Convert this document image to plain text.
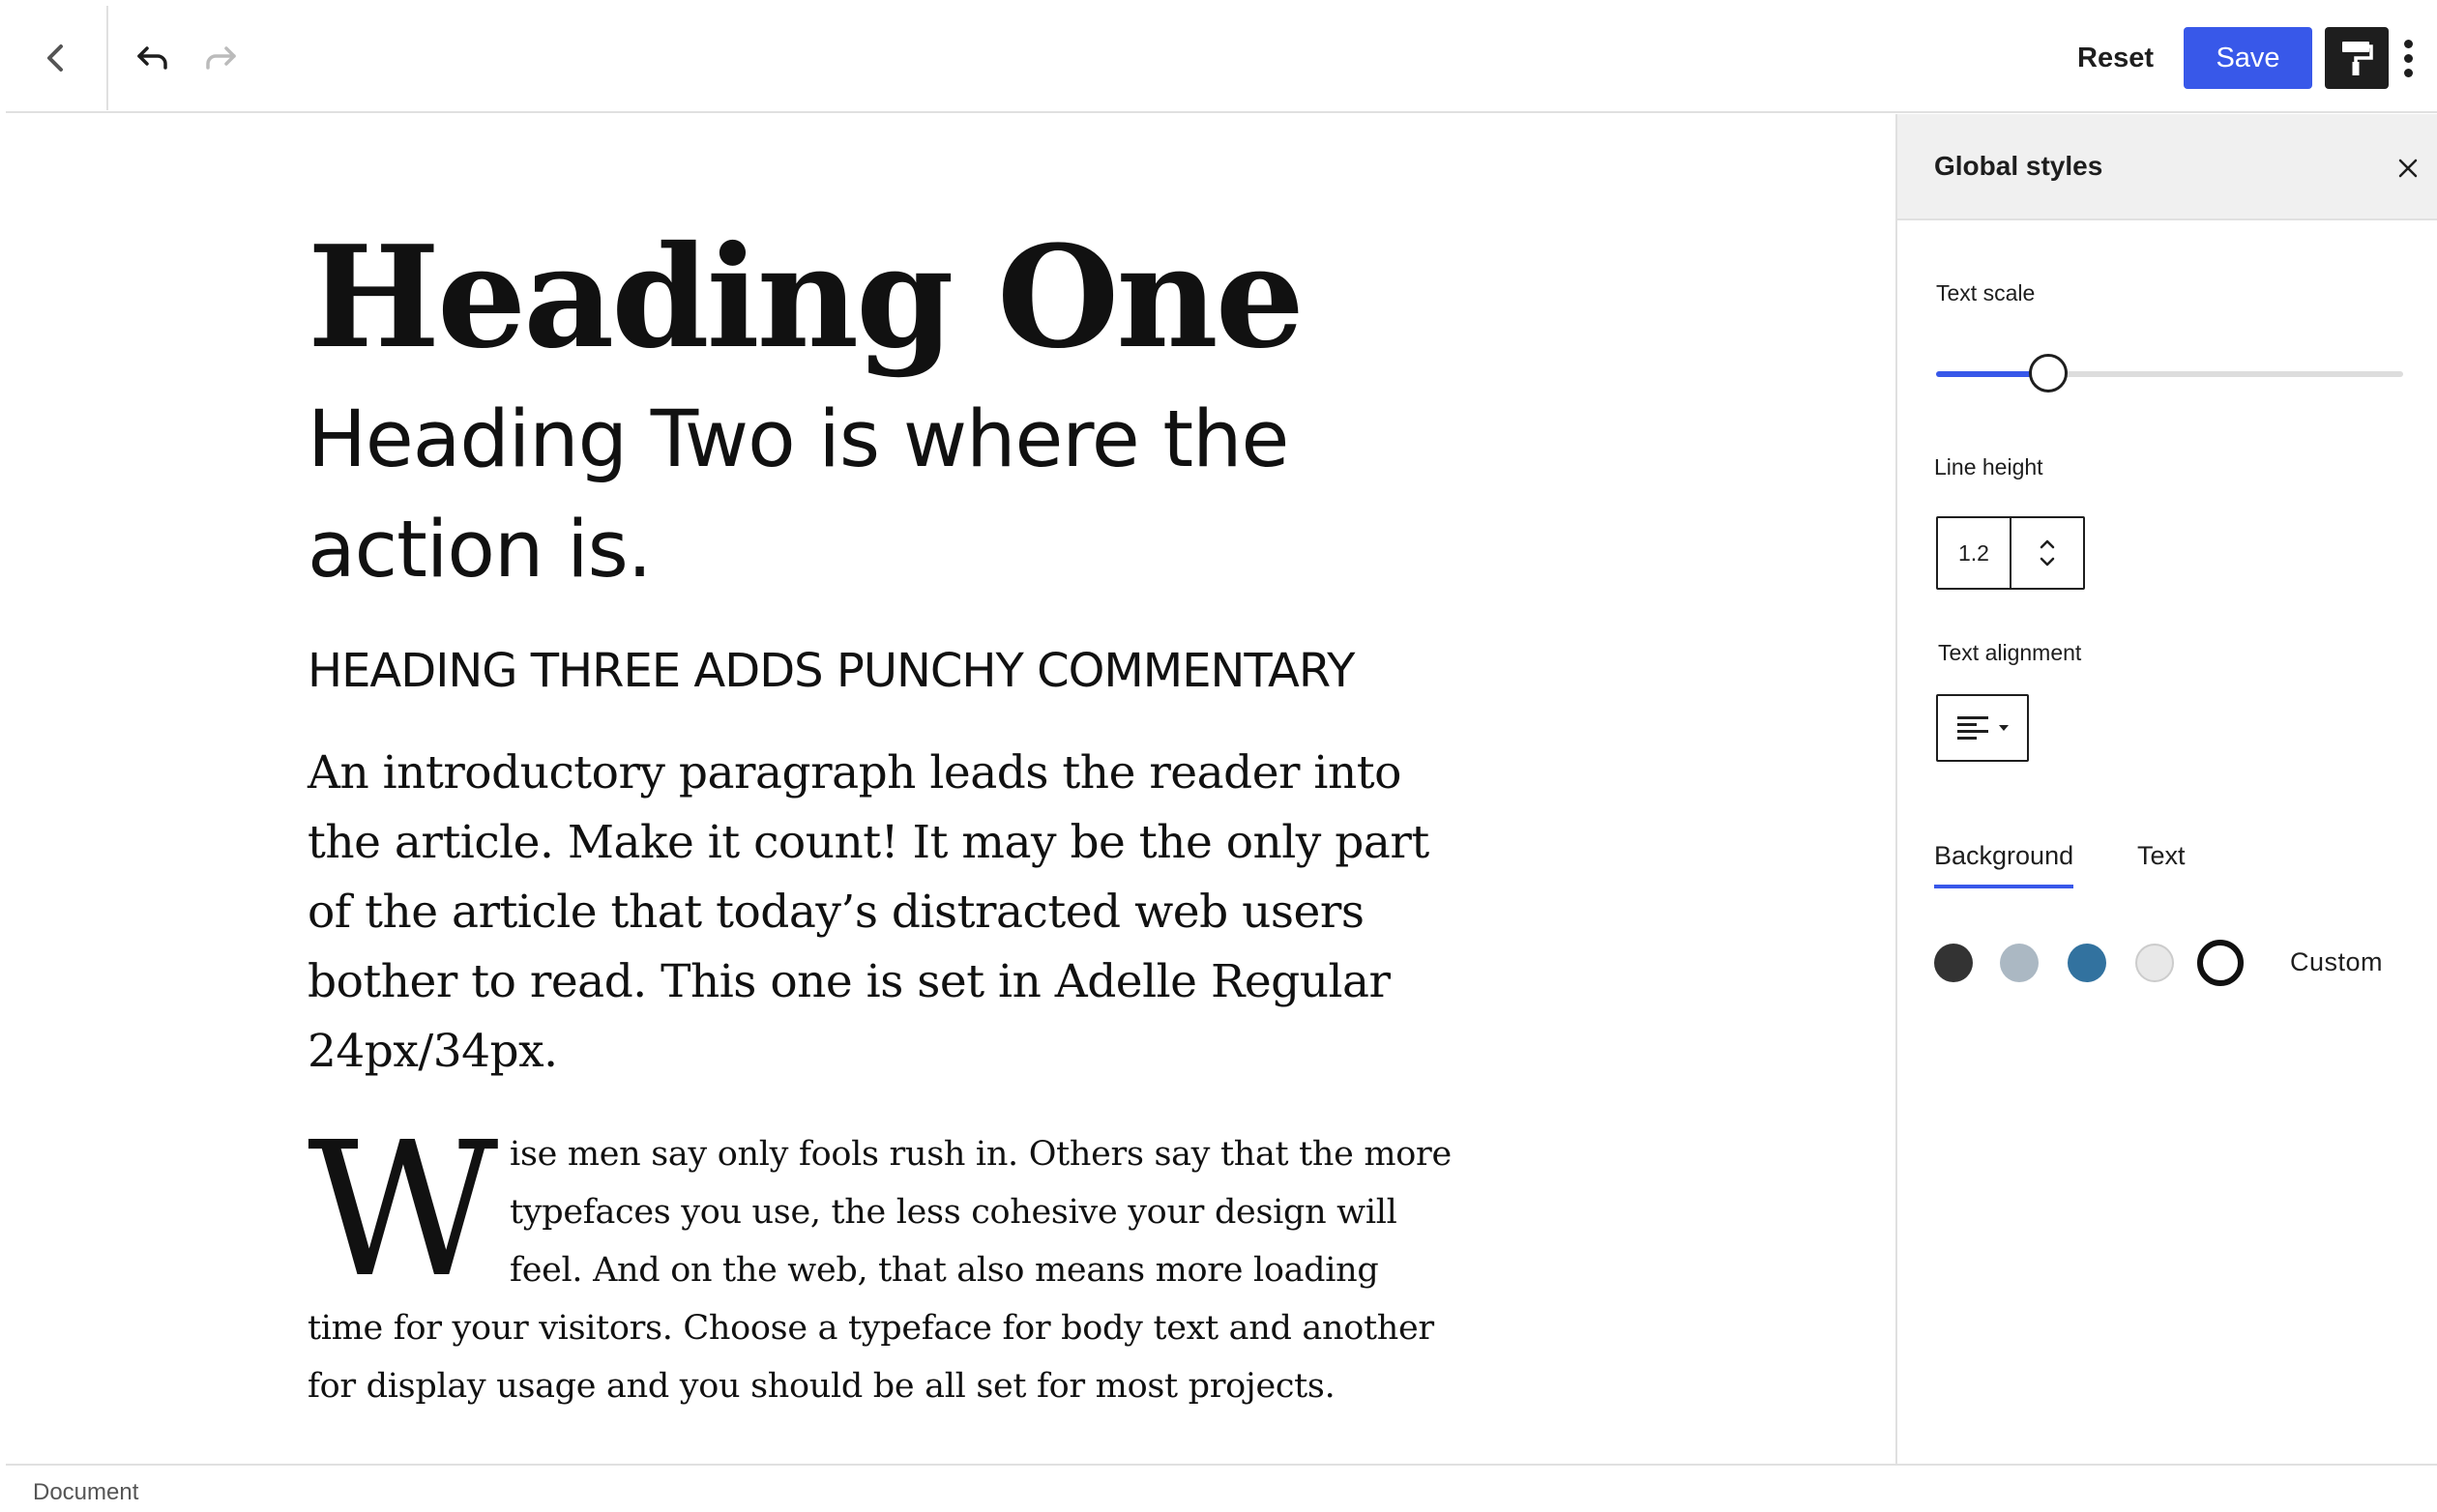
Reset	Save
Heading One
Heading Two is where the action is.
HEADING THREE ADDS PUNCHY COMMENTARY
An introductory paragraph leads the reader into the article. Make it count! It may be the only part of the article that today’s distracted web users bother to read. This one is set in Adelle Regular 24px/34px.
W ise men say only fools rush in. Others say that the more typefaces you use, the less cohesive your design will feel. And on the web, that also means more loading time for your visitors. Choose a typeface for body text and another for display usage and you should be all set for most projects.
Global styles
Text scale
Line height
1.2
Text alignment
Background Text
Custom
Document
